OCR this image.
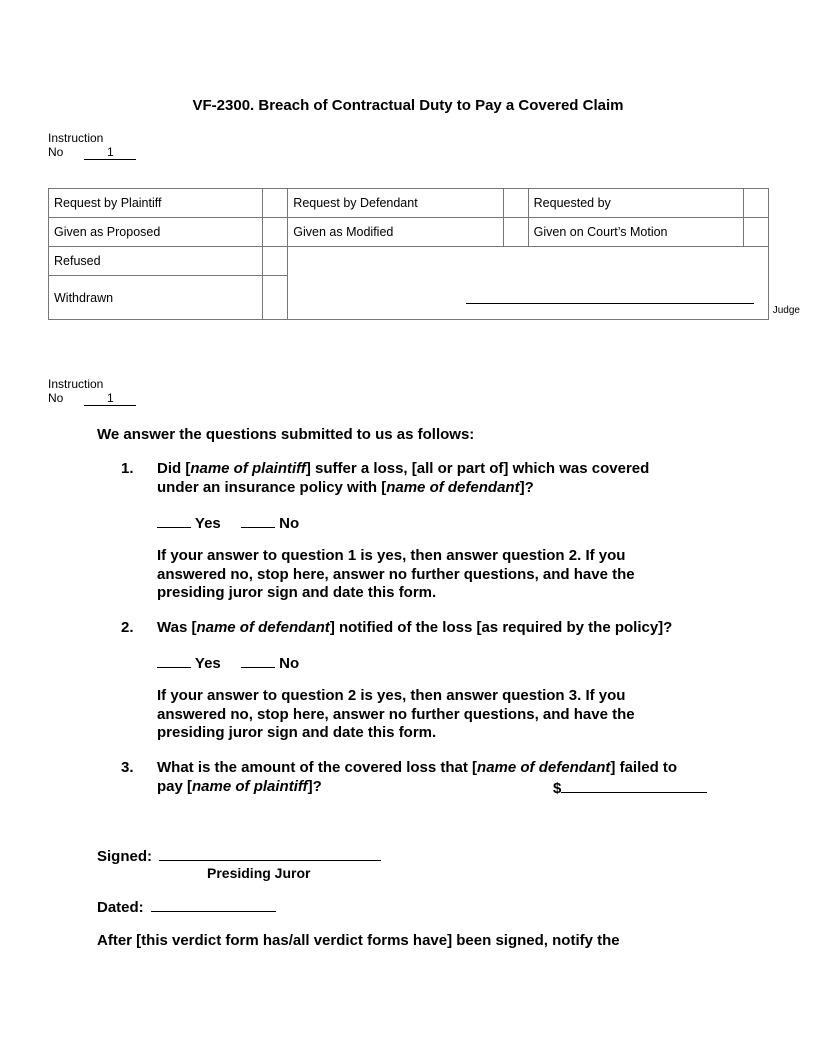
VF-2300. Breach of Contractual Duty to Pay a Covered Claim
Instruction
No	1
Request by Plaintiff		Request by Defendant		Requested by	
Given as Proposed		Given as Modified		Given on Court’s Motion	
Refused					
Withdrawn					
Judge
Instruction
No	1
We answer the questions submitted to us as follows:
1. Did [name of plaintiff] suffer a loss, [all or part of] which was covered
under an insurance policy with [name of defendant]?
Yes	No
If your answer to question 1 is yes, then answer question 2. If you
answered no, stop here, answer no further questions, and have the
presiding juror sign and date this form.
2. Was [name of defendant] notified of the loss [as required by the policy]?
Yes	No
If your answer to question 2 is yes, then answer question 3. If you
answered no, stop here, answer no further questions, and have the
presiding juror sign and date this form.
3. What is the amount of the covered loss that [name of defendant] failed to
pay [name of plaintiff]?	$
Signed:
Presiding Juror
Dated:
After [this verdict form has/all verdict forms have] been signed, notify the
